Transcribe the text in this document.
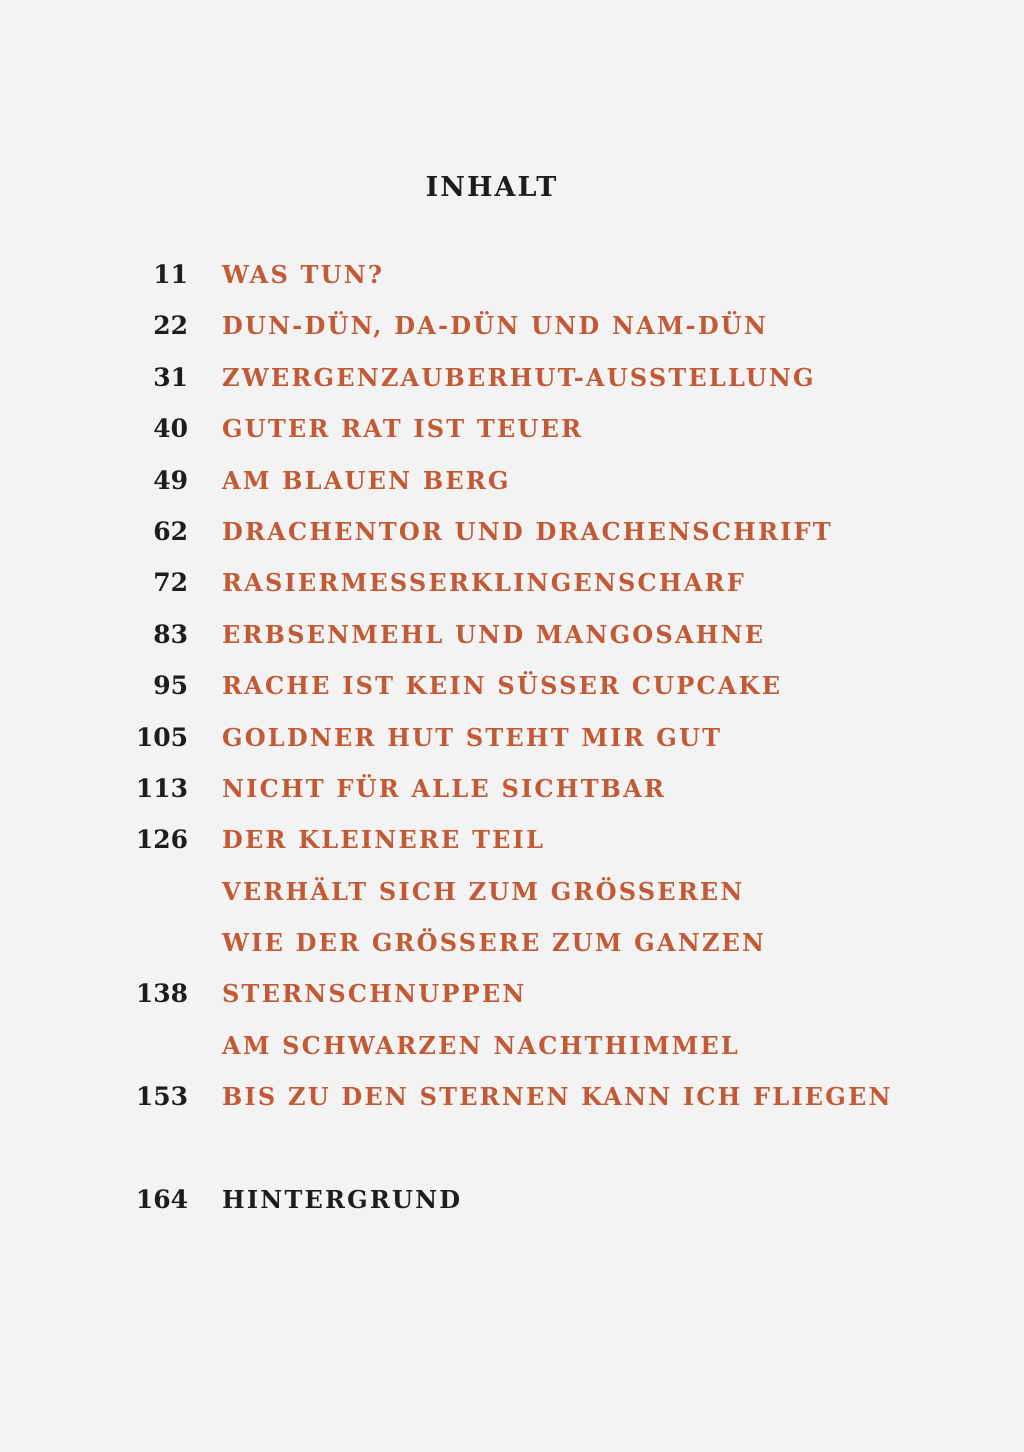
INHALT
11 WAS TUN?
22 DUN-DÜN, DA-DÜN UND NAM-DÜN
31 ZWERGENZAUBERHUT-AUSSTELLUNG
40 GUTER RAT IST TEUER
49 AM BLAUEN BERG
62 DRACHENTOR UND DRACHENSCHRIFT
72 RASIERMESSERKLINGENSCHARF
83 ERBSENMEHL UND MANGOSAHNE
95 RACHE IST KEIN SÜSSER CUPCAKE
105 GOLDNER HUT STEHT MIR GUT
113 NICHT FÜR ALLE SICHTBAR
126 DER KLEINERE TEIL
VERHÄLT SICH ZUM GRÖSSEREN
WIE DER GRÖSSERE ZUM GANZEN
138 STERNSCHNUPPEN
AM SCHWARZEN NACHTHIMMEL
153 BIS ZU DEN STERNEN KANN ICH FLIEGEN
164 HINTERGRUND
